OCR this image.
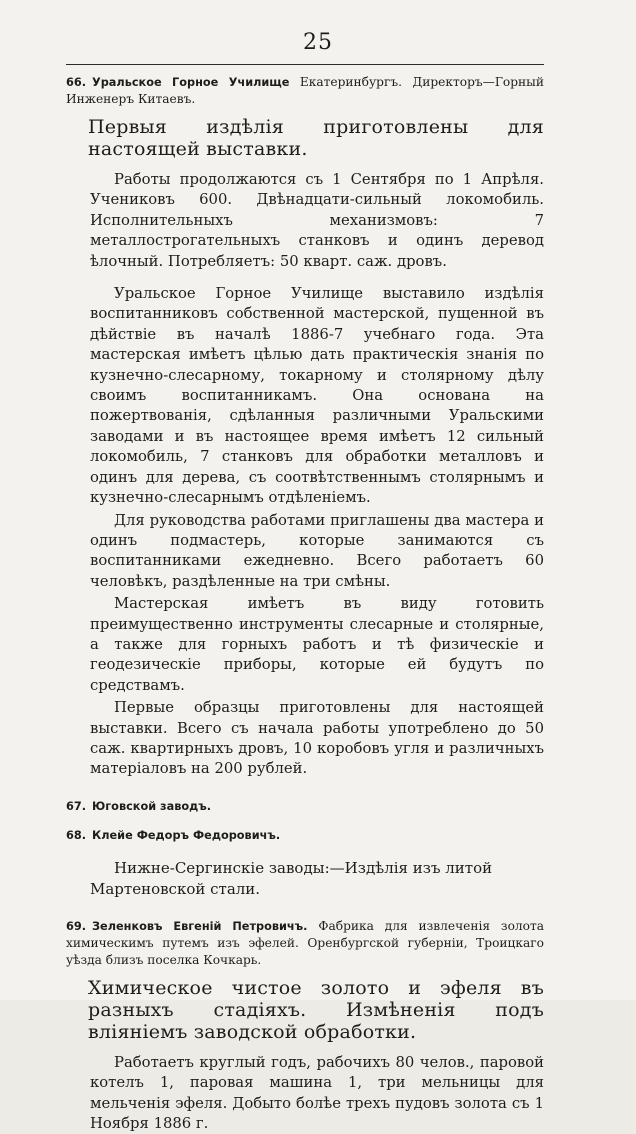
25
66. Уральское Горное Училище Екатеринбургъ. Директоръ—Горный Инженеръ Китаевъ.
Первыя издѣлія приготовлены для настоящей выставки.

Работы продолжаются съ 1 Сентября по 1 Апрѣля. Учениковъ 600. Двѣнадцати-сильный локомобиль. Исполнительныхъ механизмовъ: 7 металлострогательныхъ станковъ и одинъ деревод ѣлочный. Потребляетъ: 50 кварт. саж. дровъ.

Уральское Горное Училище выставило издѣлія воспитанниковъ собственной мастерской, пущенной въ дѣйствіе въ началѣ 1886-7 учебнаго года. Эта мастерская имѣетъ цѣлью дать практическія знанія по кузнечно-слесарному, токарному и столярному дѣлу своимъ воспитанникамъ. Она основана на пожертвованія, сдѣланныя различными Уральскими заводами и въ настоящее время имѣетъ 12 сильный локомобиль, 7 станковъ для обработки металловъ и одинъ для дерева, съ соотвѣтственнымъ столярнымъ и кузнечно-слесарнымъ отдѣленіемъ.

Для руководства работами приглашены два мастера и одинъ подмастерь, которые занимаются съ воспитанниками ежедневно. Всего работаетъ 60 человѣкъ, раздѣленные на три смѣны.

Мастерская имѣетъ въ виду готовить преимущественно инструменты слесарные и столярные, а также для горныхъ работъ и тѣ физическіе и геодезическіе приборы, которые ей будутъ по средствамъ.

Первые образцы приготовлены для настоящей выставки. Всего съ начала работы употреблено до 50 саж. квартирныхъ дровъ, 10 коробовъ угля и различныхъ матеріаловъ на 200 рублей.

67. Юговской заводъ.
68. Клейе Федоръ Федоровичъ.
Нижне-Сергинскіе заводы:—Издѣлія изъ литой Мартеновской стали.
69. Зеленковъ Евгеній Петровичъ. Фабрика для извлеченія золота химическимъ путемъ изъ эфелей. Оренбургской губерніи, Троицкаго уѣзда близъ поселка Кочкарь.
Химическое чистое золото и эфеля въ разныхъ стадіяхъ. Измѣненія подъ вліяніемъ заводской обработки.

Работаетъ круглый годъ, рабочихъ 80 челов., паровой котелъ 1, паровая машина 1, три мельницы для мельченія эфеля. Добыто болѣе трехъ пудовъ золота съ 1 Ноября 1886 г.
